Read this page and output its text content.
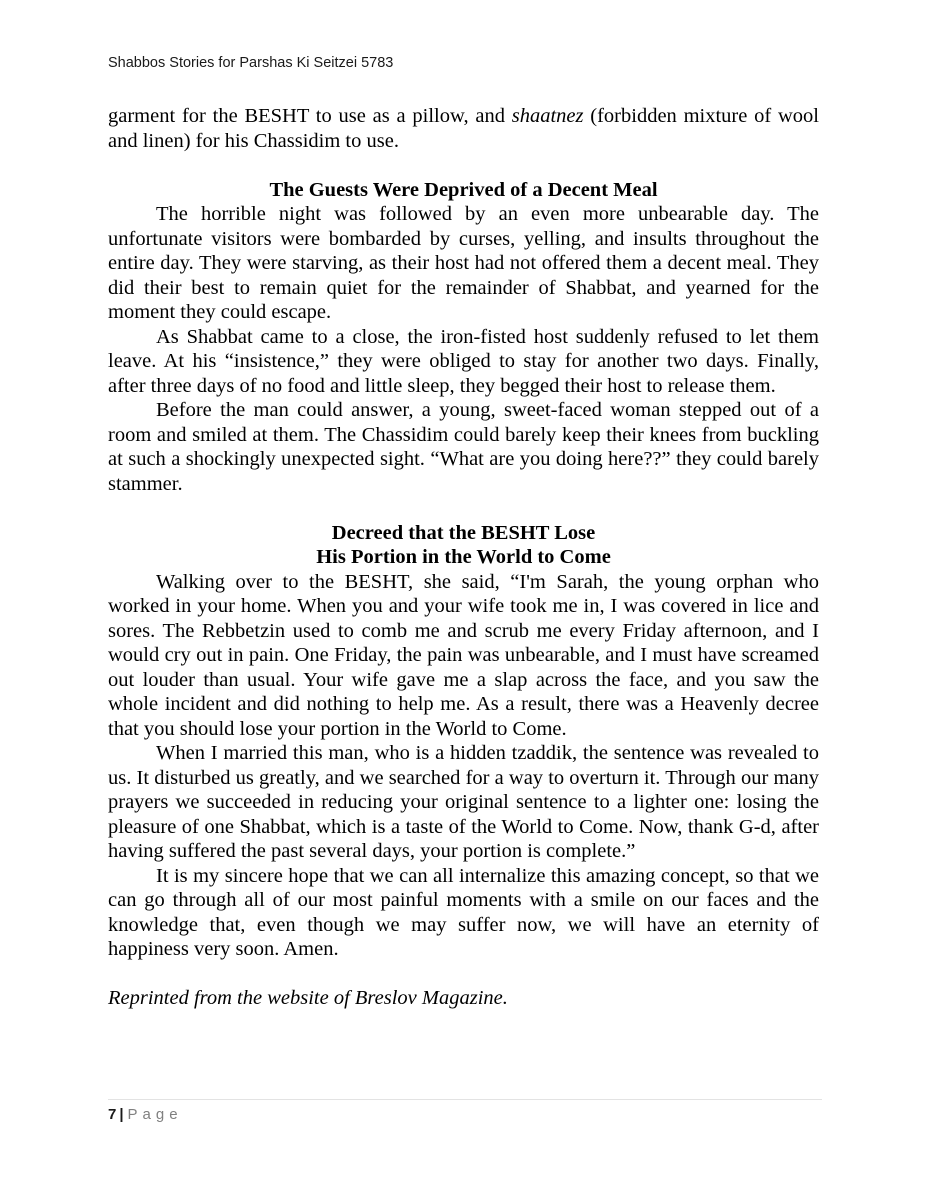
Shabbos Stories for Parshas Ki Seitzei 5783

garment for the BESHT to use as a pillow, and shaatnez (forbidden mixture of wool and linen) for his Chassidim to use.

The Guests Were Deprived of a Decent Meal

The horrible night was followed by an even more unbearable day. The unfortunate visitors were bombarded by curses, yelling, and insults throughout the entire day. They were starving, as their host had not offered them a decent meal. They did their best to remain quiet for the remainder of Shabbat, and yearned for the moment they could escape.

As Shabbat came to a close, the iron-fisted host suddenly refused to let them leave. At his “insistence,” they were obliged to stay for another two days. Finally, after three days of no food and little sleep, they begged their host to release them.

Before the man could answer, a young, sweet-faced woman stepped out of a room and smiled at them. The Chassidim could barely keep their knees from buckling at such a shockingly unexpected sight. “What are you doing here??” they could barely stammer.

Decreed that the BESHT Lose

His Portion in the World to Come

Walking over to the BESHT, she said, “I'm Sarah, the young orphan who worked in your home. When you and your wife took me in, I was covered in lice and sores. The Rebbetzin used to comb me and scrub me every Friday afternoon, and I would cry out in pain. One Friday, the pain was unbearable, and I must have screamed out louder than usual. Your wife gave me a slap across the face, and you saw the whole incident and did nothing to help me. As a result, there was a Heavenly decree that you should lose your portion in the World to Come.

When I married this man, who is a hidden tzaddik, the sentence was revealed to us. It disturbed us greatly, and we searched for a way to overturn it. Through our many prayers we succeeded in reducing your original sentence to a lighter one: losing the pleasure of one Shabbat, which is a taste of the World to Come. Now, thank G-d, after having suffered the past several days, your portion is complete.”

It is my sincere hope that we can all internalize this amazing concept, so that we can go through all of our most painful moments with a smile on our faces and the knowledge that, even though we may suffer now, we will have an eternity of happiness very soon. Amen.

Reprinted from the website of Breslov Magazine.

7 | Page
